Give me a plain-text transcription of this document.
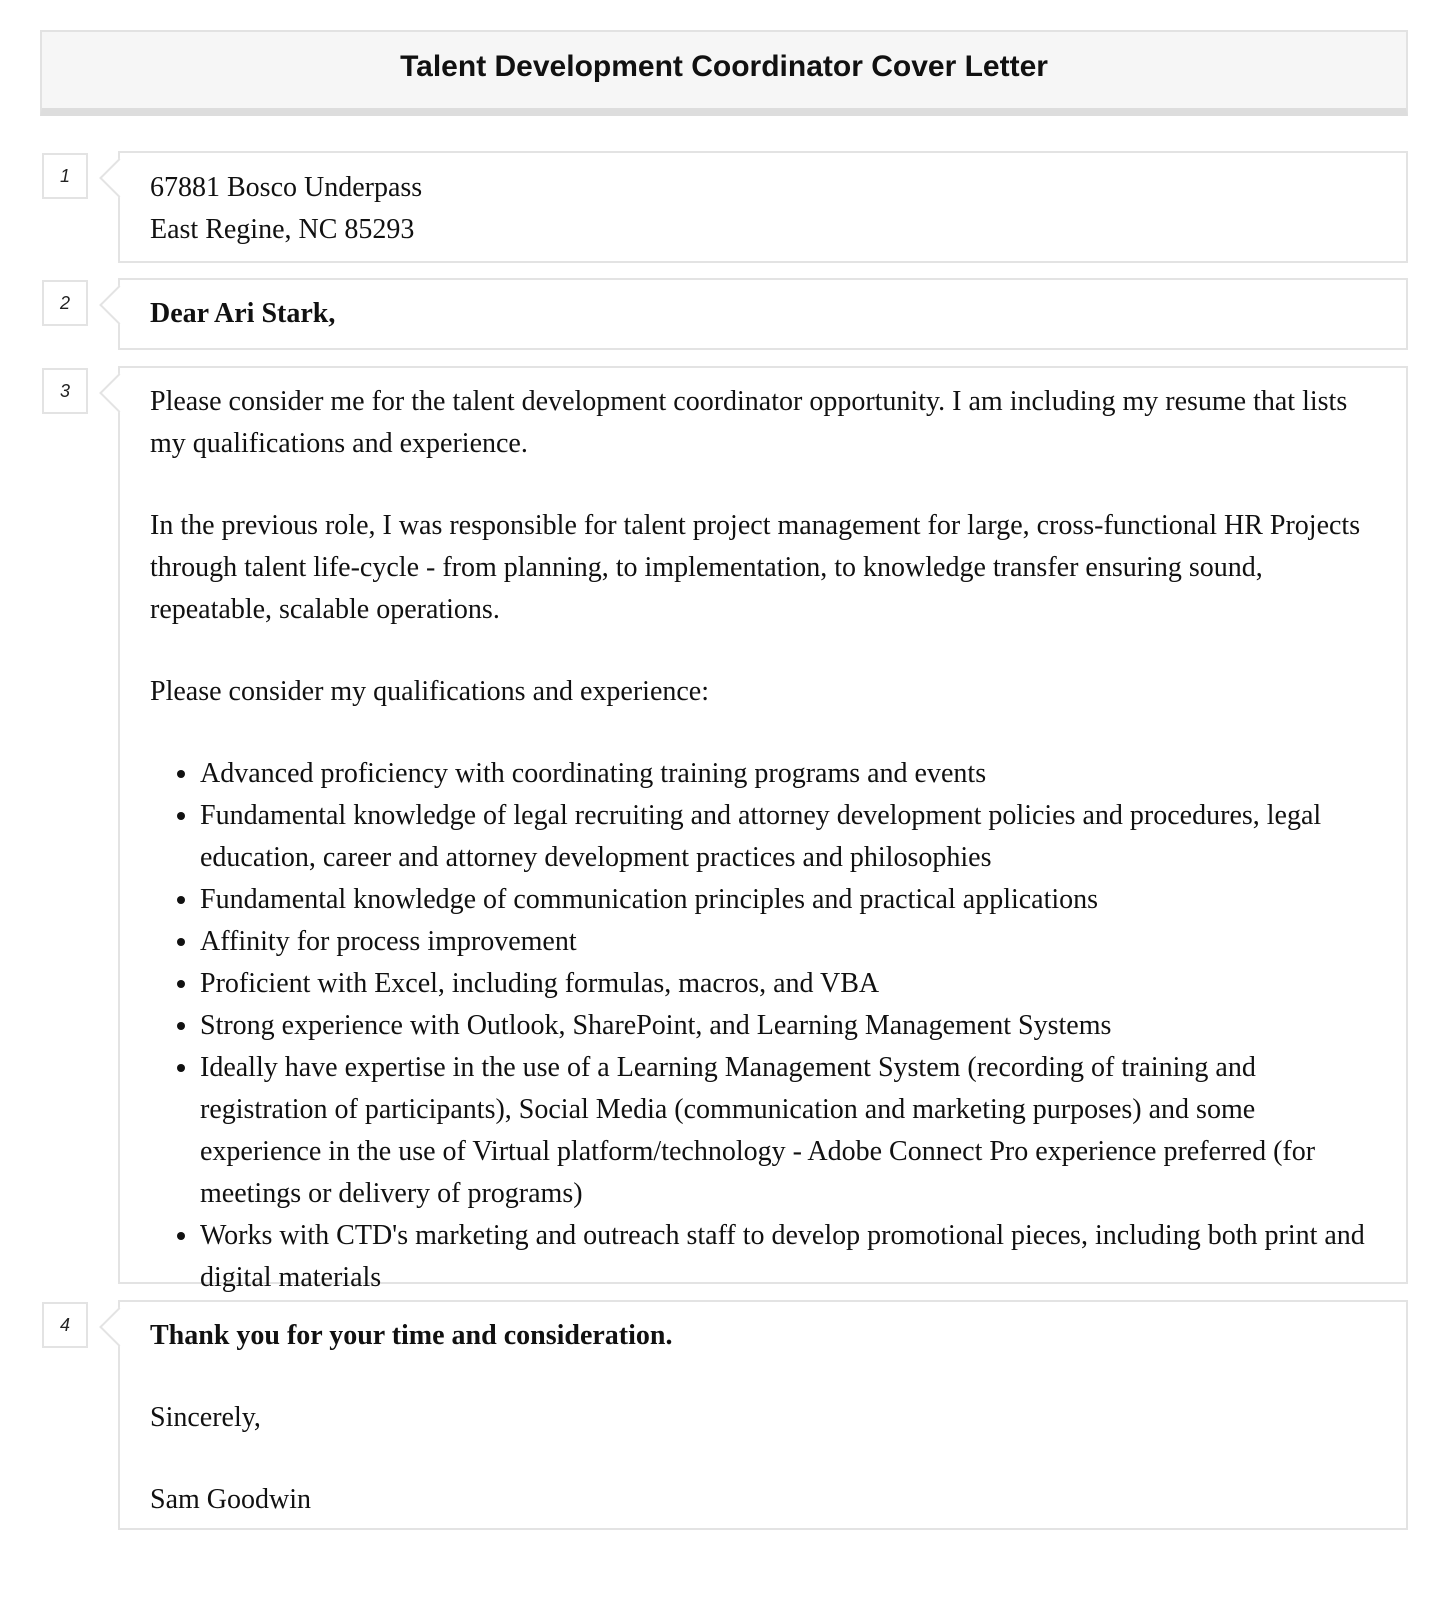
Talent Development Coordinator Cover Letter
1	67881 Bosco Underpass

East Regine, NC 85293

2	Dear Ari Stark,

3	Please consider me for the talent development coordinator opportunity. I am including my resume that lists my qualifications and experience.

In the previous role, I was responsible for talent project management for large, cross-functional HR Projects through talent life-cycle - from planning, to implementation, to knowledge transfer ensuring sound, repeatable, scalable operations.

Please consider my qualifications and experience:

• Advanced proficiency with coordinating training programs and events
• Fundamental knowledge of legal recruiting and attorney development policies and procedures, legal education, career and attorney development practices and philosophies
• Fundamental knowledge of communication principles and practical applications
• Affinity for process improvement
• Proficient with Excel, including formulas, macros, and VBA
• Strong experience with Outlook, SharePoint, and Learning Management Systems
• Ideally have expertise in the use of a Learning Management System (recording of training and registration of participants), Social Media (communication and marketing purposes) and some experience in the use of Virtual platform/technology - Adobe Connect Pro experience preferred (for meetings or delivery of programs)
• Works with CTD's marketing and outreach staff to develop promotional pieces, including both print and digital materials
4	Thank you for your time and consideration.

Sincerely,

Sam Goodwin
